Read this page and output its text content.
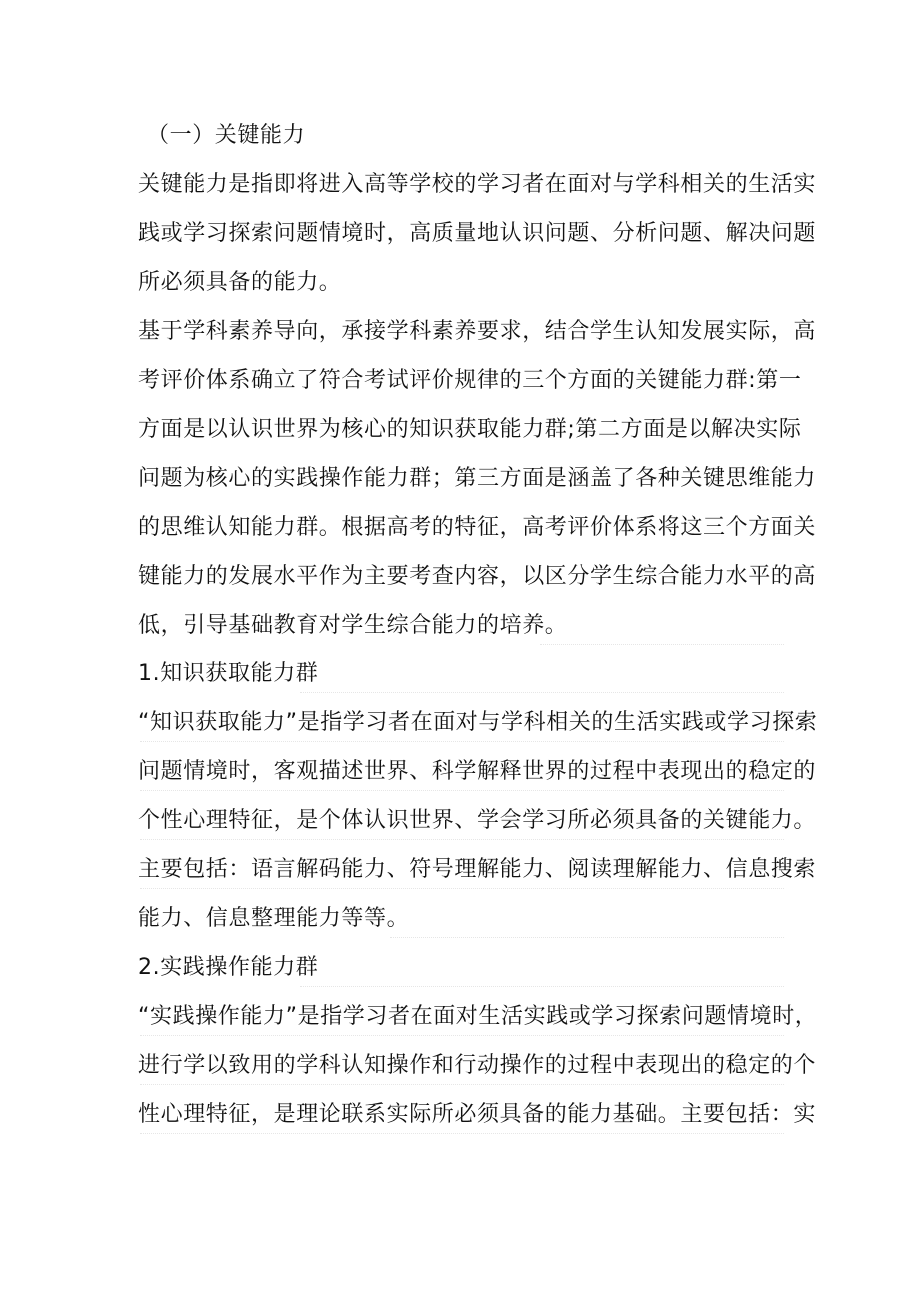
（一）关键能力
关键能力是指即将进入高等学校的学习者在面对与学科相关的生活实
践或学习探索问题情境时，高质量地认识问题、分析问题、解决问题
所必须具备的能力。
基于学科素养导向，承接学科素养要求，结合学生认知发展实际，高
考评价体系确立了符合考试评价规律的三个方面的关键能力群:第一
方面是以认识世界为核心的知识获取能力群;第二方面是以解决实际
问题为核心的实践操作能力群；第三方面是涵盖了各种关键思维能力
的思维认知能力群。根据高考的特征，高考评价体系将这三个方面关
键能力的发展水平作为主要考查内容，以区分学生综合能力水平的高
低，引导基础教育对学生综合能力的培养。
1.知识获取能力群
“知识获取能力”是指学习者在面对与学科相关的生活实践或学习探索
问题情境时，客观描述世界、科学解释世界的过程中表现出的稳定的
个性心理特征，是个体认识世界、学会学习所必须具备的关键能力。
主要包括：语言解码能力、符号理解能力、阅读理解能力、信息搜索
能力、信息整理能力等等。
2.实践操作能力群
“实践操作能力”是指学习者在面对生活实践或学习探索问题情境时，
进行学以致用的学科认知操作和行动操作的过程中表现出的稳定的个
性心理特征，是理论联系实际所必须具备的能力基础。主要包括：实
